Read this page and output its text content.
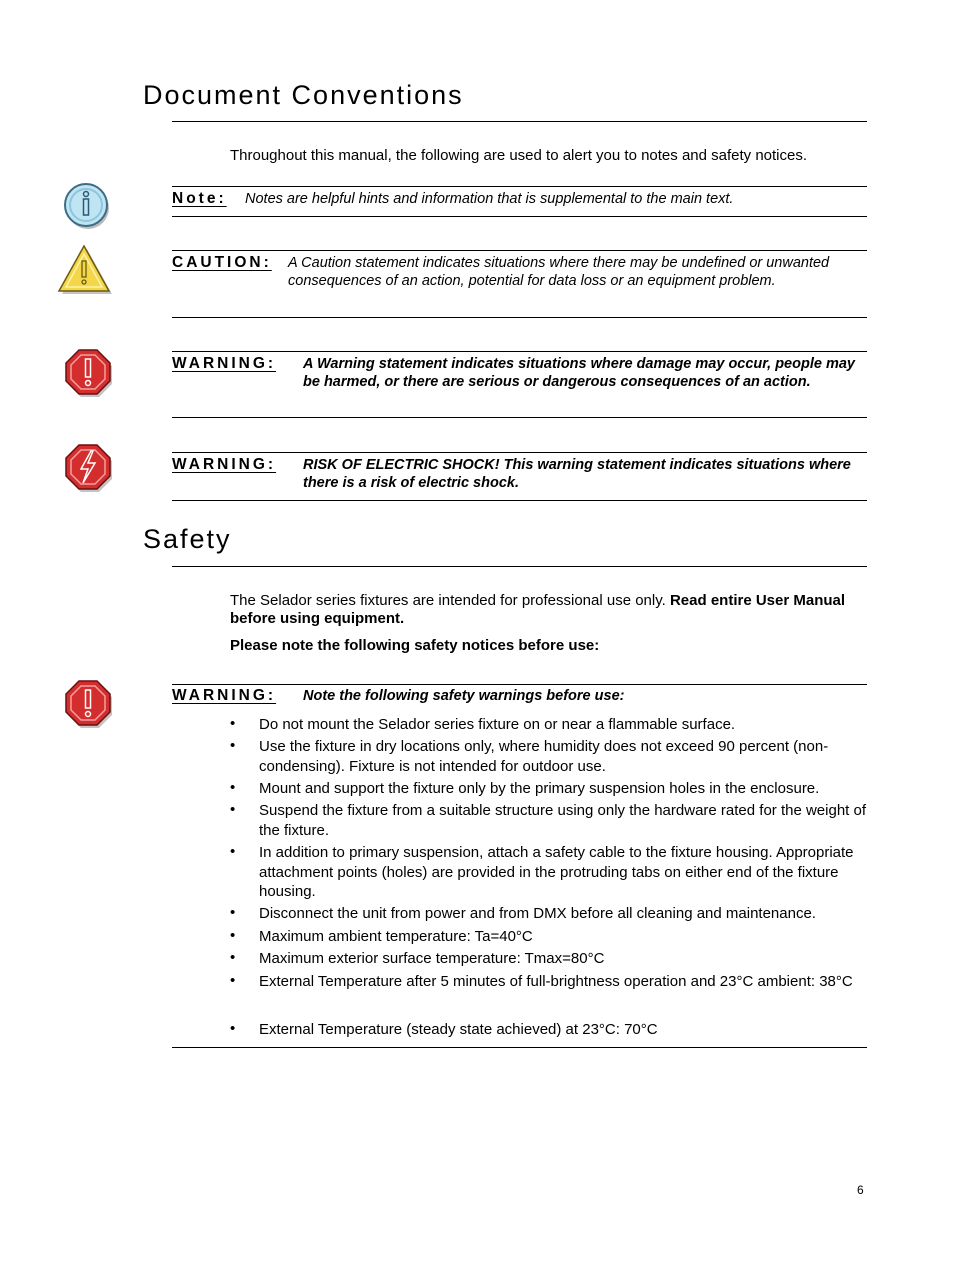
Document Conventions
Throughout this manual, the following are used to alert you to notes and safety notices.
Note: Notes are helpful hints and information that is supplemental to the main text.
CAUTION: A Caution statement indicates situations where there may be undefined or unwanted consequences of an action, potential for data loss or an equipment problem.
WARNING: A Warning statement indicates situations where damage may occur, people may be harmed, or there are serious or dangerous consequences of an action.
WARNING: RISK OF ELECTRIC SHOCK! This warning statement indicates situations where there is a risk of electric shock.
Safety
The Selador series fixtures are intended for professional use only. Read entire User Manual before using equipment.
Please note the following safety notices before use:
WARNING: Note the following safety warnings before use:
• Do not mount the Selador series fixture on or near a flammable surface.
• Use the fixture in dry locations only, where humidity does not exceed 90 percent (non-condensing). Fixture is not intended for outdoor use.
• Mount and support the fixture only by the primary suspension holes in the enclosure.
• Suspend the fixture from a suitable structure using only the hardware rated for the weight of the fixture.
• In addition to primary suspension, attach a safety cable to the fixture housing. Appropriate attachment points (holes) are provided in the protruding tabs on either end of the fixture housing.
• Disconnect the unit from power and from DMX before all cleaning and maintenance.
• Maximum ambient temperature: Ta=40°C
• Maximum exterior surface temperature: Tmax=80°C
• External Temperature after 5 minutes of full-brightness operation and 23°C ambient: 38°C
• External Temperature (steady state achieved) at 23°C: 70°C
6
